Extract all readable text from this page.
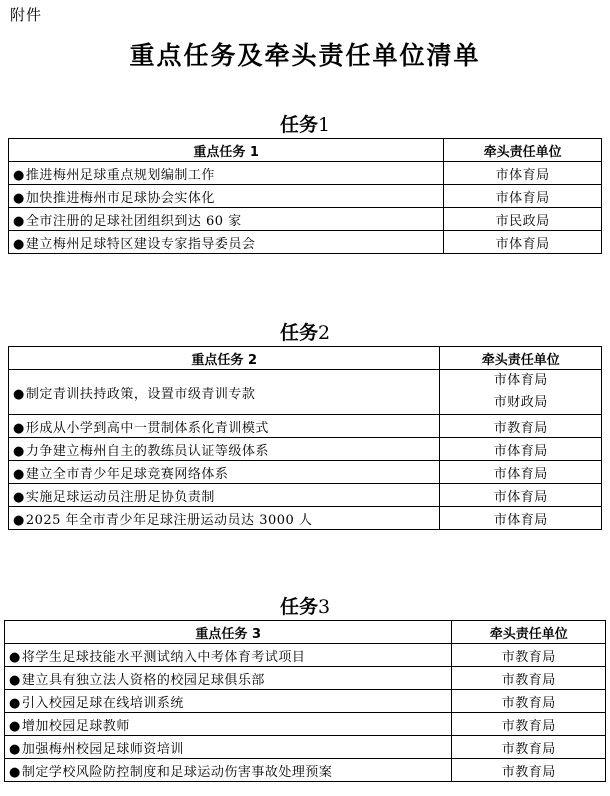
附件
重点任务及牵头责任单位清单
任务1
重点任务 1	牵头责任单位
●推进梅州足球重点规划编制工作	市体育局
●加快推进梅州市足球协会实体化	市体育局
●全市注册的足球社团组织到达 60 家	市民政局
●建立梅州足球特区建设专家指导委员会	市体育局
任务2
重点任务 2	牵头责任单位
●制定青训扶持政策，设置市级青训专款	市体育局
市财政局

●形成从小学到高中一贯制体系化青训模式	市教育局
●力争建立梅州自主的教练员认证等级体系	市体育局
●建立全市青少年足球竞赛网络体系	市体育局
●实施足球运动员注册足协负责制	市体育局
●2025 年全市青少年足球注册运动员达 3000 人	市体育局
任务3
重点任务 3	牵头责任单位
●将学生足球技能水平测试纳入中考体育考试项目	市教育局
●建立具有独立法人资格的校园足球俱乐部	市教育局
●引入校园足球在线培训系统	市教育局
●增加校园足球教师	市教育局
●加强梅州校园足球师资培训	市教育局
●制定学校风险防控制度和足球运动伤害事故处理预案	市教育局
